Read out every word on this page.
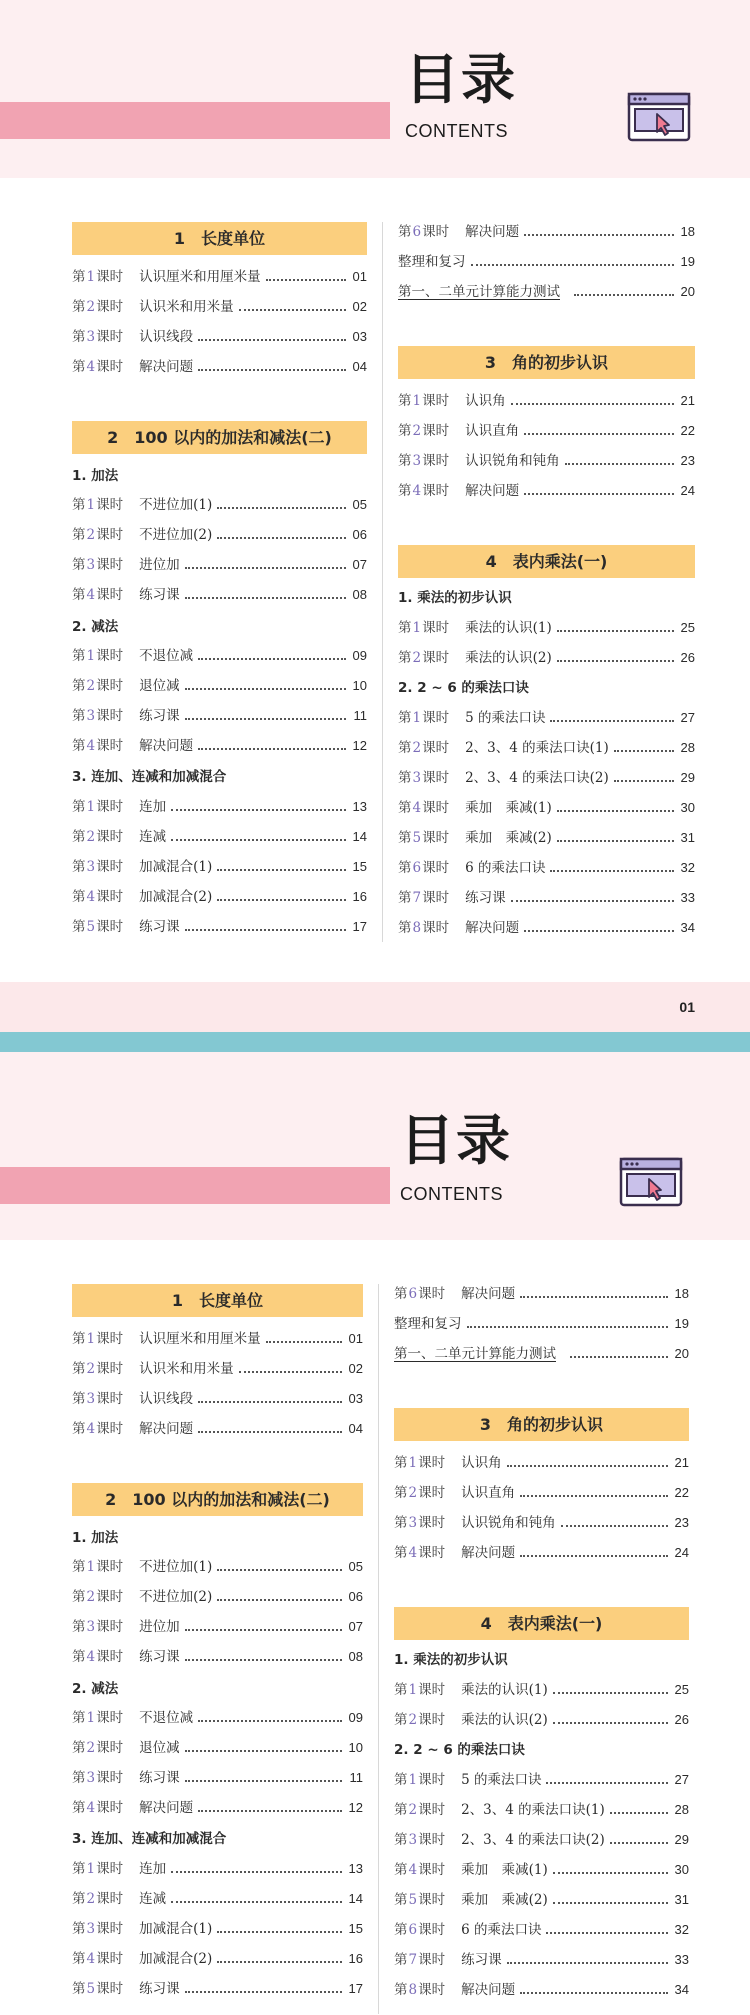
目录
CONTENTS
1　长度单位
第 1 课时 认识厘米和用厘米量	01
第 2 课时 认识米和用米量	02
第 3 课时 认识线段	03
第 4 课时 解决问题	04
2　100 以内的加法和减法(二)
1. 加法
第 1 课时 不进位加(1)	05
第 2 课时 不进位加(2)	06
第 3 课时 进位加	07
第 4 课时 练习课	08
2. 减法
第 1 课时 不退位减	09
第 2 课时 退位减	10
第 3 课时 练习课	11
第 4 课时 解决问题	12
3. 连加、连减和加减混合
第 1 课时 连加	13
第 2 课时 连减	14
第 3 课时 加减混合(1)	15
第 4 课时 加减混合(2)	16
第 5 课时 练习课	17
第 6 课时 解决问题	18
整理和复习	19
第一、二单元计算能力测试	20
3　角的初步认识
第 1 课时 认识角	21
第 2 课时 认识直角	22
第 3 课时 认识锐角和钝角	23
第 4 课时 解决问题	24
4　表内乘法(一)
1. 乘法的初步认识
第 1 课时 乘法的认识(1)	25
第 2 课时 乘法的认识(2)	26
2. 2 ~ 6 的乘法口诀
第 1 课时 5 的乘法口诀	27
第 2 课时 2、3、4 的乘法口诀(1)	28
第 3 课时 2、3、4 的乘法口诀(2)	29
第 4 课时 乘加　乘减(1)	30
第 5 课时 乘加　乘减(2)	31
第 6 课时 6 的乘法口诀	32
第 7 课时 练习课	33
第 8 课时 解决问题	34
01
目录
CONTENTS
1　长度单位
第 1 课时 认识厘米和用厘米量	01
第 2 课时 认识米和用米量	02
第 3 课时 认识线段	03
第 4 课时 解决问题	04
2　100 以内的加法和减法(二)
1. 加法
第 1 课时 不进位加(1)	05
第 2 课时 不进位加(2)	06
第 3 课时 进位加	07
第 4 课时 练习课	08
2. 减法
第 1 课时 不退位减	09
第 2 课时 退位减	10
第 3 课时 练习课	11
第 4 课时 解决问题	12
3. 连加、连减和加减混合
第 1 课时 连加	13
第 2 课时 连减	14
第 3 课时 加减混合(1)	15
第 4 课时 加减混合(2)	16
第 5 课时 练习课	17
第 6 课时 解决问题	18
整理和复习	19
第一、二单元计算能力测试	20
3　角的初步认识
第 1 课时 认识角	21
第 2 课时 认识直角	22
第 3 课时 认识锐角和钝角	23
第 4 课时 解决问题	24
4　表内乘法(一)
1. 乘法的初步认识
第 1 课时 乘法的认识(1)	25
第 2 课时 乘法的认识(2)	26
2. 2 ~ 6 的乘法口诀
第 1 课时 5 的乘法口诀	27
第 2 课时 2、3、4 的乘法口诀(1)	28
第 3 课时 2、3、4 的乘法口诀(2)	29
第 4 课时 乘加　乘减(1)	30
第 5 课时 乘加　乘减(2)	31
第 6 课时 6 的乘法口诀	32
第 7 课时 练习课	33
第 8 课时 解决问题	34
